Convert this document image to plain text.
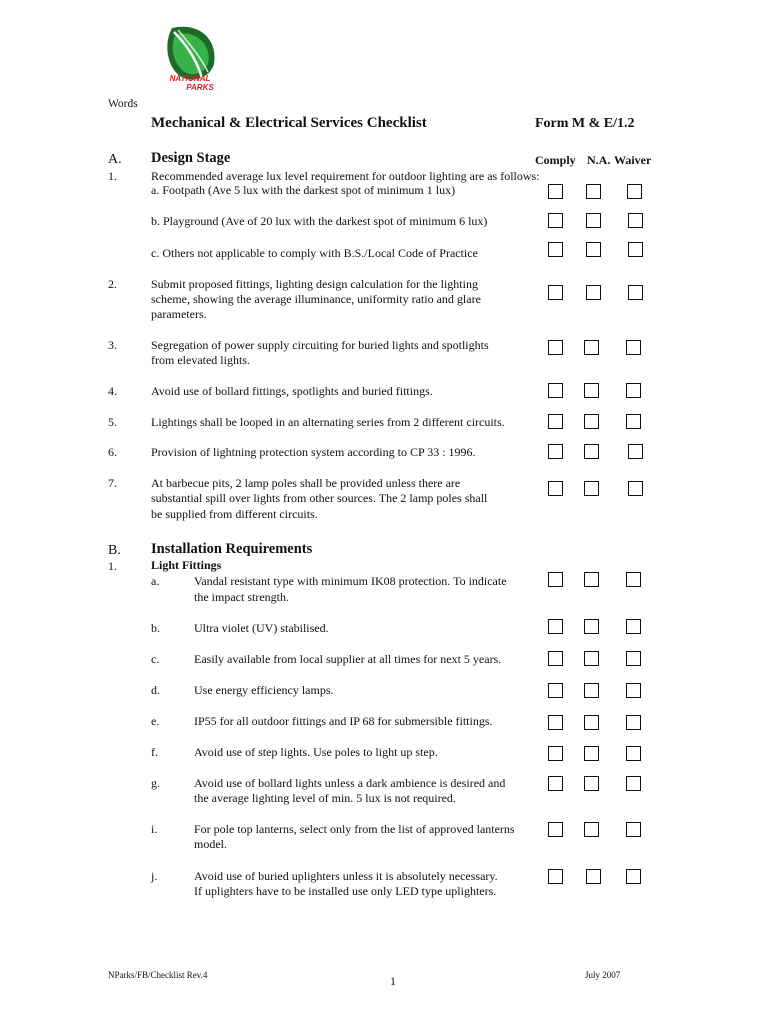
NATIONAL
PARKS
Words
Mechanical & Electrical Services Checklist	Form M & E/1.2
A. Design Stage	Comply N.A. Waiver
1.	Recommended average lux level requirement for outdoor lighting are as follows:
a. Footpath (Ave 5 lux with the darkest spot of minimum 1 lux)
b. Playground (Ave of 20 lux with the darkest spot of minimum 6 lux)
c. Others not applicable to comply with B.S./Local Code of Practice
2.	Submit proposed fittings, lighting design calculation for the lighting
scheme, showing the average illuminance, uniformity ratio and glare
parameters.
3.	Segregation of power supply circuiting for buried lights and spotlights
from elevated lights.
4.	Avoid use of bollard fittings, spotlights and buried fittings.
5.	Lightings shall be looped in an alternating series from 2 different circuits.
6.	Provision of lightning protection system according to CP 33 : 1996.
7.	At barbecue pits, 2 lamp poles shall be provided unless there are
substantial spill over lights from other sources. The 2 lamp poles shall
be supplied from different circuits.
B. Installation Requirements
1.	Light Fittings
a.	Vandal resistant type with minimum IK08 protection. To indicate
the impact strength.
b.	Ultra violet (UV) stabilised.
c.	Easily available from local supplier at all times for next 5 years.
d.	Use energy efficiency lamps.
e.	IP55 for all outdoor fittings and IP 68 for submersible fittings.
f.	Avoid use of step lights. Use poles to light up step.
g.	Avoid use of bollard lights unless a dark ambience is desired and
the average lighting level of min. 5 lux is not required.
i.	For pole top lanterns, select only from the list of approved lanterns
model.
j.	Avoid use of buried uplighters unless it is absolutely necessary.
If uplighters have to be installed use only LED type uplighters.
NParks/FB/Checklist Rev.4	1	July 2007
